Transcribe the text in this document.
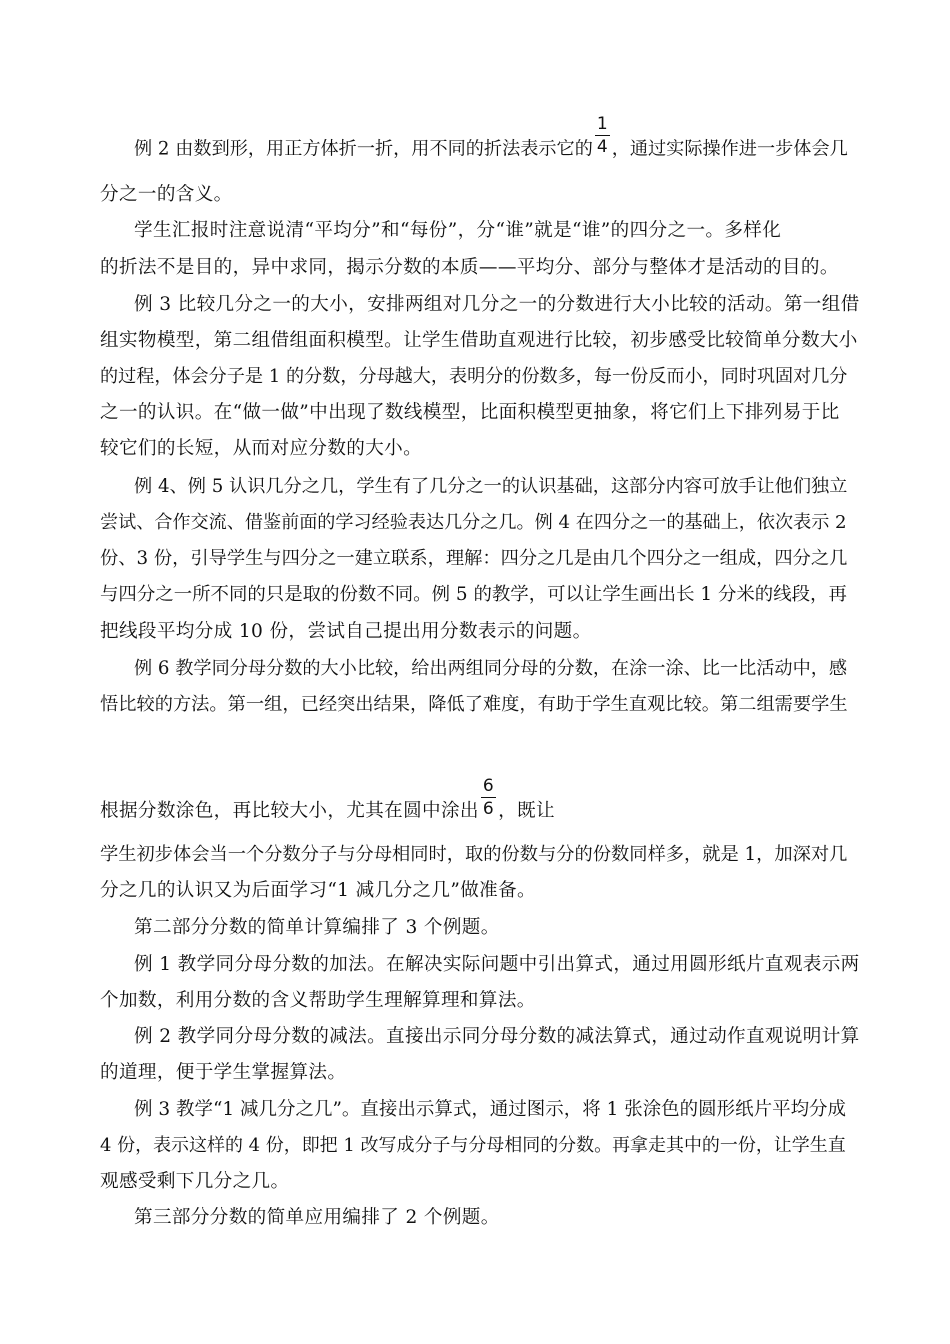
例 2 由数到形，用正方体折一折，用不同的折法表示它的 $\frac{1}{4}$ ，通过实际操作进一步体会几
分之一的含义。
学生汇报时注意说清“平均分”和“每份”，分“谁”就是“谁”的四分之一。多样化
的折法不是目的，异中求同，揭示分数的本质——平均分、部分与整体才是活动的目的。
例 3 比较几分之一的大小，安排两组对几分之一的分数进行大小比较的活动。第一组借
组实物模型，第二组借组面积模型。让学生借助直观进行比较，初步感受比较简单分数大小
的过程，体会分子是 1 的分数，分母越大，表明分的份数多，每一份反而小，同时巩固对几分
之一的认识。在“做一做”中出现了数线模型，比面积模型更抽象，将它们上下排列易于比
较它们的长短，从而对应分数的大小。
例 4、例 5 认识几分之几，学生有了几分之一的认识基础，这部分内容可放手让他们独立
尝试、合作交流、借鉴前面的学习经验表达几分之几。例 4 在四分之一的基础上，依次表示 2
份、3 份，引导学生与四分之一建立联系，理解：四分之几是由几个四分之一组成，四分之几
与四分之一所不同的只是取的份数不同。例 5 的教学，可以让学生画出长 1 分米的线段，再
把线段平均分成 10 份，尝试自己提出用分数表示的问题。
例 6 教学同分母分数的大小比较，给出两组同分母的分数，在涂一涂、比一比活动中，感
悟比较的方法。第一组，已经突出结果，降低了难度，有助于学生直观比较。第二组需要学生
根据分数涂色，再比较大小，尤其在圆中涂出 $\frac{6}{6}$ ，既让
学生初步体会当一个分数分子与分母相同时，取的份数与分的份数同样多，就是 1，加深对几
分之几的认识又为后面学习“1 减几分之几”做准备。
第二部分分数的简单计算编排了 3 个例题。
例 1 教学同分母分数的加法。在解决实际问题中引出算式，通过用圆形纸片直观表示两
个加数，利用分数的含义帮助学生理解算理和算法。
例 2 教学同分母分数的减法。直接出示同分母分数的减法算式，通过动作直观说明计算
的道理，便于学生掌握算法。
例 3 教学“1 减几分之几”。直接出示算式，通过图示，将 1 张涂色的圆形纸片平均分成
4 份，表示这样的 4 份，即把 1 改写成分子与分母相同的分数。再拿走其中的一份，让学生直
观感受剩下几分之几。
第三部分分数的简单应用编排了 2 个例题。
